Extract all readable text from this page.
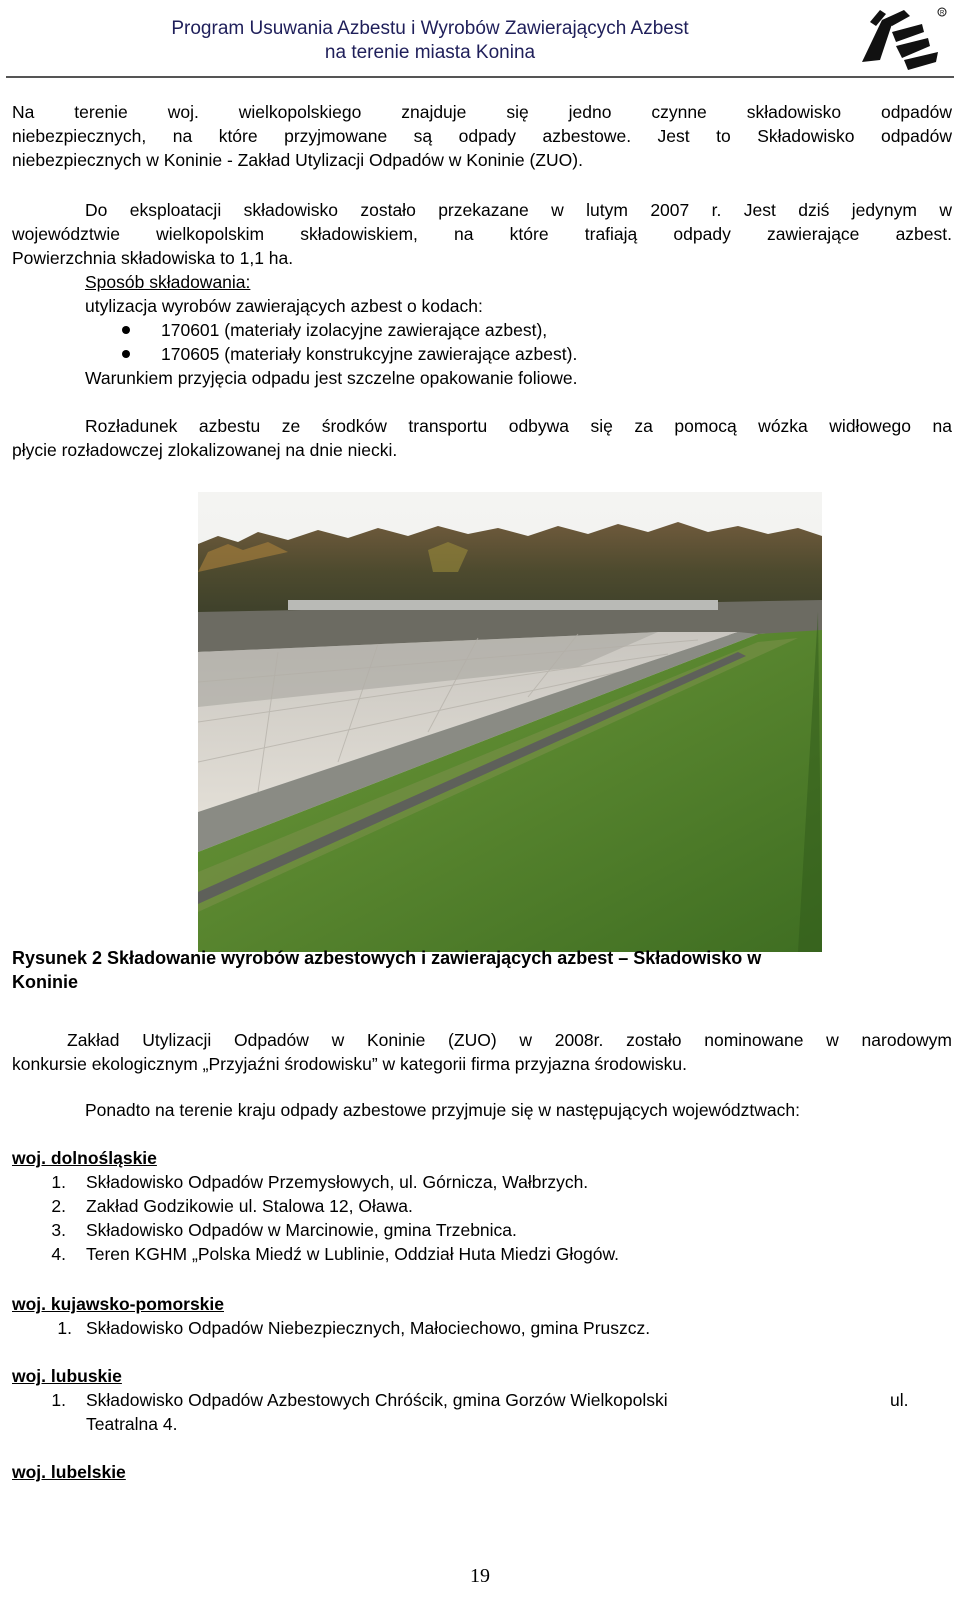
Program Usuwania Azbestu i Wyrobów Zawierających Azbest
na terenie miasta Konina
R
Na terenie woj. wielkopolskiego znajduje się jedno czynne składowisko odpadów
niebezpiecznych, na które przyjmowane są odpady azbestowe. Jest to Składowisko odpadów
niebezpiecznych w Koninie - Zakład Utylizacji Odpadów w Koninie (ZUO).
Do eksploatacji składowisko zostało przekazane w lutym 2007 r. Jest dziś jedynym w
województwie wielkopolskim składowiskiem, na które trafiają odpady zawierające azbest.
Powierzchnia składowiska to 1,1 ha.
Sposób składowania:
utylizacja wyrobów zawierających azbest o kodach:
170601 (materiały izolacyjne zawierające azbest),
170605 (materiały konstrukcyjne zawierające azbest).
Warunkiem przyjęcia odpadu jest szczelne opakowanie foliowe.
Rozładunek azbestu ze środków transportu odbywa się za pomocą wózka widłowego na
płycie rozładowczej zlokalizowanej na dnie niecki.
Rysunek 2 Składowanie wyrobów azbestowych i zawierających azbest – Składowisko w
Koninie
Zakład Utylizacji Odpadów w Koninie (ZUO) w 2008r. zostało nominowane w narodowym
konkursie ekologicznym „Przyjaźni środowisku” w kategorii firma przyjazna środowisku.
Ponadto na terenie kraju odpady azbestowe przyjmuje się w następujących województwach:
woj. dolnośląskie
1. Składowisko Odpadów Przemysłowych, ul. Górnicza, Wałbrzych.
2. Zakład Godzikowie ul. Stalowa 12, Oława.
3. Składowisko Odpadów w Marcinowie, gmina Trzebnica.
4. Teren KGHM „Polska Miedź w Lublinie, Oddział Huta Miedzi Głogów.
woj. kujawsko-pomorskie
1. Składowisko Odpadów Niebezpiecznych, Małociechowo, gmina Pruszcz.
woj. lubuskie
1. Składowisko Odpadów Azbestowych Chróścik, gmina Gorzów Wielkopolski	ul.
Teatralna 4.
woj. lubelskie
19
